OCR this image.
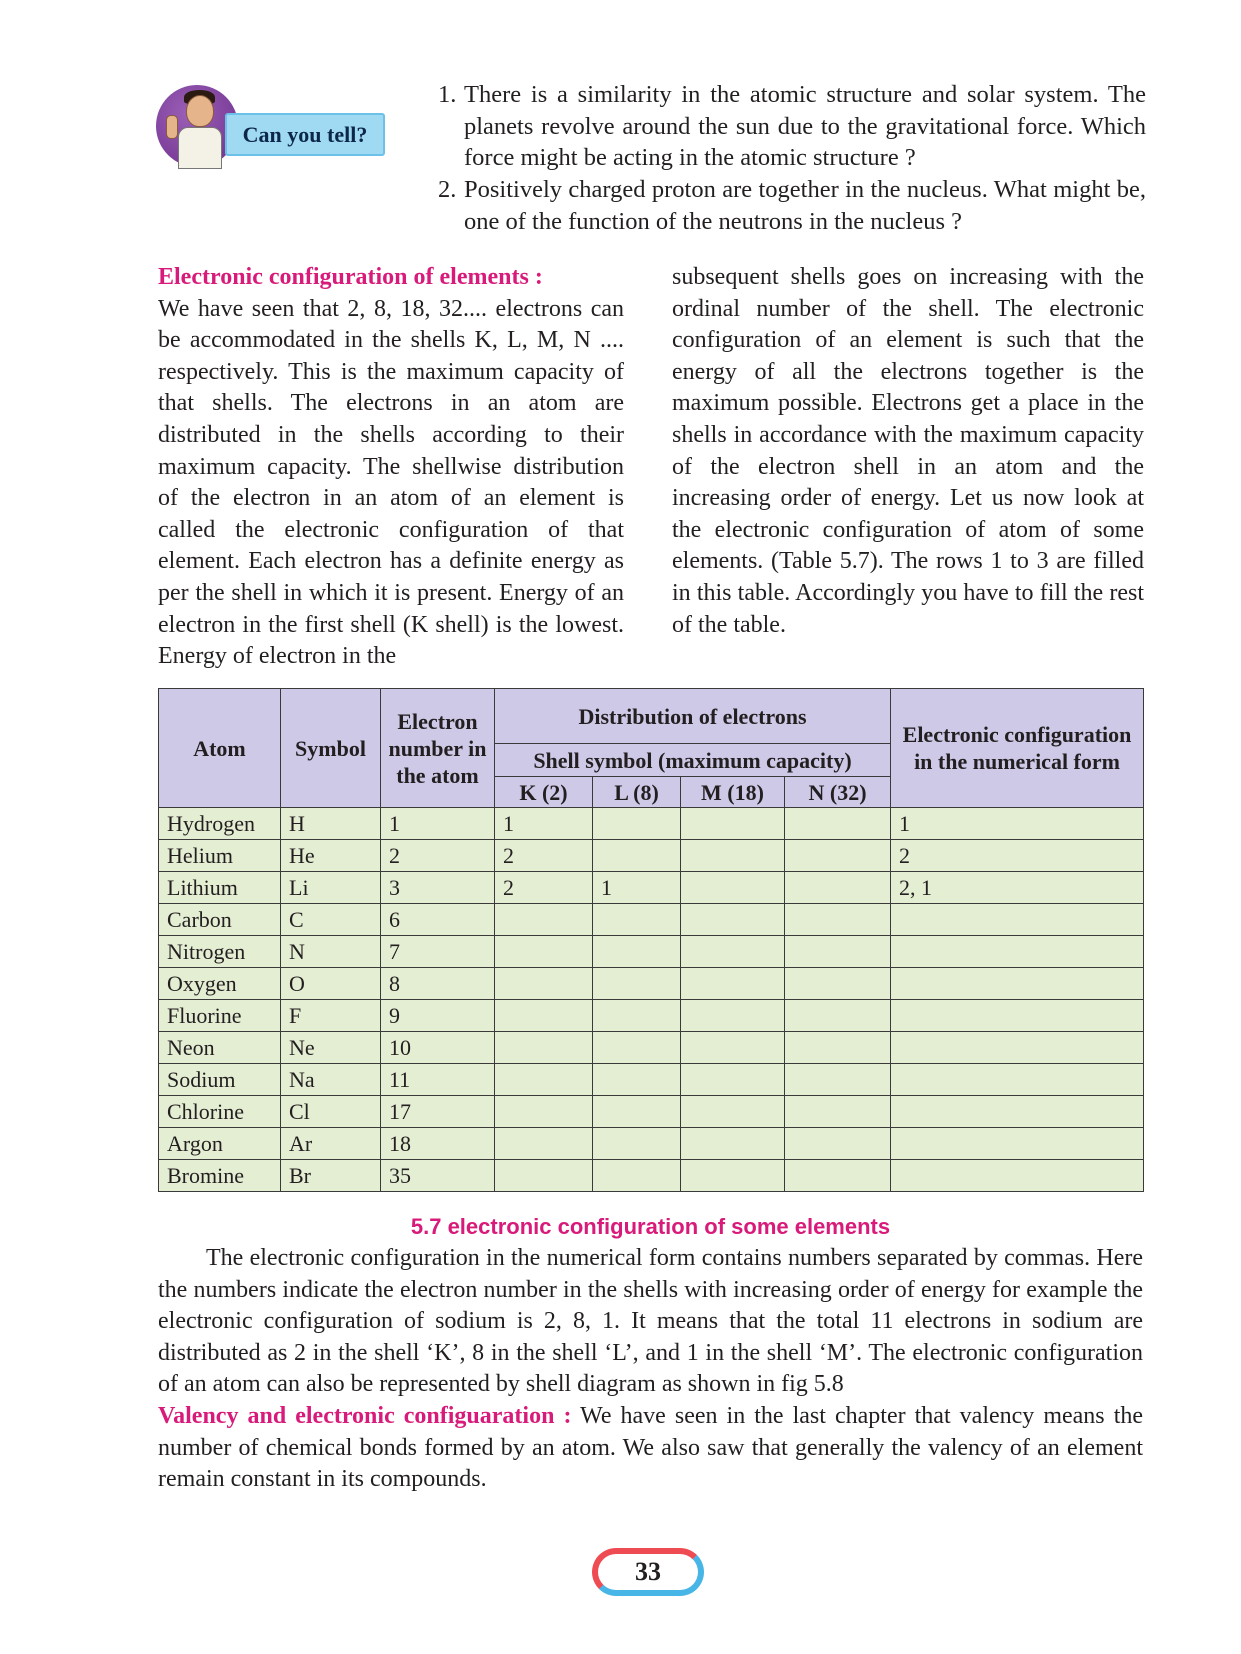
Can you tell?
1. There is a similarity in the atomic structure and solar system. The planets revolve around the sun due to the gravitational force. Which force might be acting in the atomic structure ?
2. Positively charged proton are together in the nucleus. What might be, one of the function of the neutrons in the nucleus ?
Electronic configuration of elements :
We have seen that 2, 8, 18, 32.... electrons can be accommodated in the shells K, L, M, N .... respectively. This is the maximum capacity of that shells. The electrons in an atom are distributed in the shells according to their maximum capacity. The shellwise distribution of the electron in an atom of an element is called the electronic configuration of that element. Each electron has a definite energy as per the shell in which it is present. Energy of an electron in the first shell (K shell) is the lowest. Energy of electron in the
subsequent shells goes on increasing with the ordinal number of the shell. The electronic configuration of an element is such that the energy of all the electrons together is the maximum possible. Electrons get a place in the shells in accordance with the maximum capacity of the electron shell in an atom and the increasing order of energy. Let us now look at the electronic configuration of atom of some elements. (Table 5.7). The rows 1 to 3 are filled in this table. Accordingly you have to fill the rest of the table.
Atom	Symbol	Electron number in the atom	Distribution of electrons				Electronic configuration in the numerical form
			Shell symbol (maximum capacity)				
			K (2)	L (8)	M (18)	N (32)	
Hydrogen	H	1	1				1
Helium	He	2	2				2
Lithium	Li	3	2	1			2, 1
Carbon	C	6					
Nitrogen	N	7					
Oxygen	O	8					
Fluorine	F	9					
Neon	Ne	10					
Sodium	Na	11					
Chlorine	Cl	17					
Argon	Ar	18					
Bromine	Br	35					
5.7 electronic configuration of some elements

The electronic configuration in the numerical form contains numbers separated by commas. Here the numbers indicate the electron number in the shells with increasing order of energy for example the electronic configuration of sodium is 2, 8, 1. It means that the total 11 electrons in sodium are distributed as 2 in the shell ‘K’, 8 in the shell ‘L’, and 1 in the shell ‘M’. The electronic configuration of an atom can also be represented by shell diagram as shown in fig 5.8

Valency and electronic configuaration : We have seen in the last chapter that valency means the number of chemical bonds formed by an atom. We also saw that generally the valency of an element remain constant in its compounds.

33
